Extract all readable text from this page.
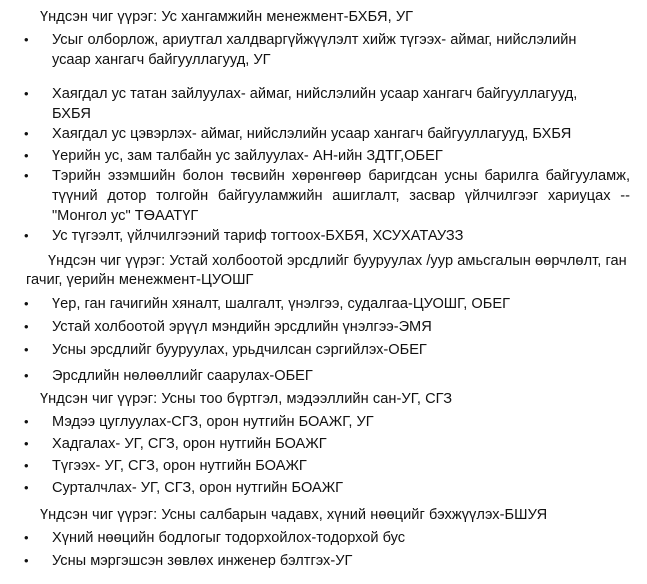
Үндсэн чиг үүрэг: Ус хангамжийн менежмент-БХБЯ, УГ
•	Усыг олборлож, ариутгал халдваргүйжүүлэлт хийж түгээх- аймаг, нийслэлийн усаар хангагч байгууллагууд, УГ
•	Хаягдал ус татан зайлуулах- аймаг, нийслэлийн усаар хангагч байгууллагууд, БХБЯ
•	Хаягдал ус цэвэрлэх- аймаг, нийслэлийн усаар хангагч байгууллагууд, БХБЯ
•	Үерийн ус, зам талбайн ус зайлуулах- АН-ийн ЗДТГ,ОБЕГ
•	Тэрийн эзэмшийн болон төсвийн хөрөнгөөр баригдсан усны барилга байгууламж, түүний дотор толгойн байгууламжийн ашиглалт, засвар үйлчилгээг хариуцах --"Монгол ус" ТӨААТҮГ
•	Ус түгээлт, үйлчилгээний тариф тогтоох-БХБЯ, ХСУХАТАУЗЗ
Үндсэн чиг үүрэг: Устай холбоотой эрсдлийг бууруулах /уур амьсгалын өөрчлөлт, ган гачиг, үерийн менежмент-ЦУОШГ
•	Үер, ган гачигийн хяналт, шалгалт, үнэлгээ, судалгаа-ЦУОШГ, ОБЕГ
•	Устай холбоотой эрүүл мэндийн эрсдлийн үнэлгээ-ЭМЯ
•	Усны эрсдлийг бууруулах, урьдчилсан сэргийлэх-ОБЕГ
•	Эрсдлийн нөлөөллийг саарулах-ОБЕГ
Үндсэн чиг үүрэг: Усны тоо бүртгэл, мэдээллийн сан-УГ, СГЗ
•	Мэдээ цуглуулах-СГЗ, орон нутгийн БОАЖГ, УГ
•	Хадгалах- УГ, СГЗ, орон нутгийн БОАЖГ
•	Түгээх- УГ, СГЗ, орон нутгийн БОАЖГ
•	Сурталчлах- УГ, СГЗ, орон нутгийн БОАЖГ
Үндсэн чиг үүрэг: Усны салбарын чадавх, хүний нөөцийг бэхжүүлэх-БШУЯ
•	Хүний нөөцийн бодлогыг тодорхойлох-тодорхой бус
•	Усны мэргэшсэн зөвлөх инженер бэлтгэх-УГ
